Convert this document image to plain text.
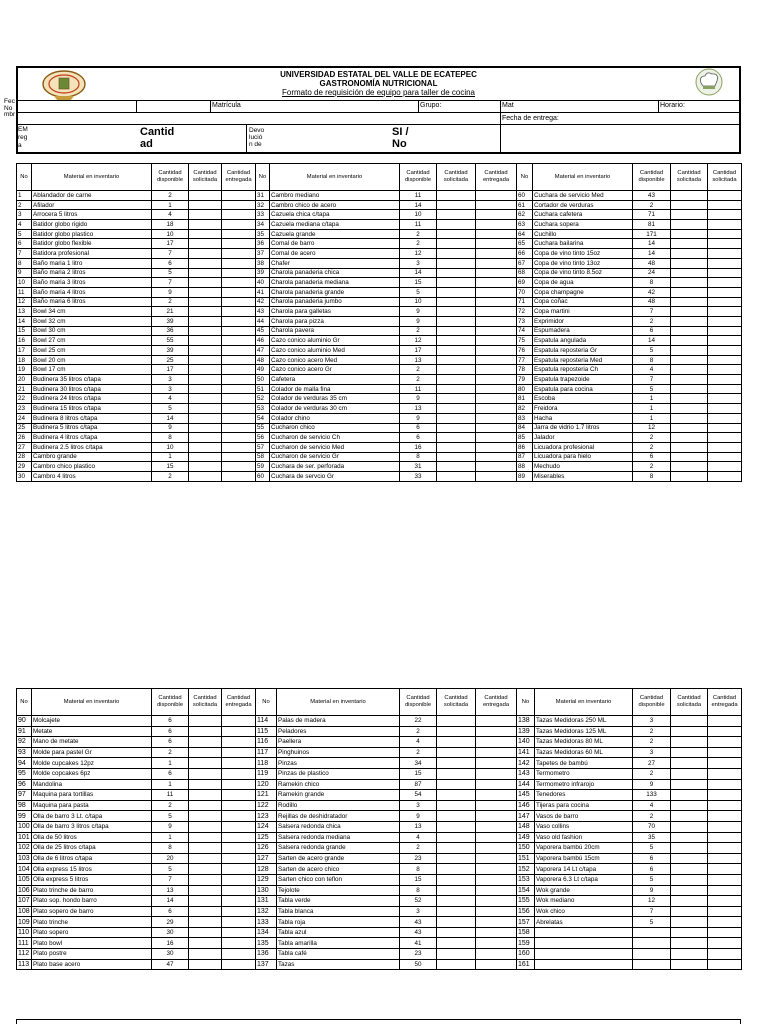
UNIVERSIDAD ESTATAL DEL VALLE DE ECATEPEC
GASTRONOMÍA NUTRICIONAL
Formato de requisición de equipo para taller de cocina
Fec
No mbr
Matrícula	Grupo:	Mat	Horario:
Fecha de entrega:
EM reg a
Cantid ad
Devo lució n de
SI / No
No	Material en inventario	Cantidad disponible	Cantidad solicitada	Cantidad entregada	No	Material en inventario	Cantidad disponible	Cantidad solicitada	Cantidad entregada	No	Material en inventario	Cantidad disponible	Cantidad solicitada	Cantidad solicitada
1	Ablandador de carne	2			31	Cambro mediano	11			60	Cuchara de servicio Med	43		
2	Afilador	1			32	Cambro chico de acero	14			61	Cortador de verduras	2		
3	Arrocera 5 litros	4			33	Cazuela chica c/tapa	10			62	Cuchara cafetera	71		
4	Batidor globo rigido	18			34	Cazuela mediana c/tapa	11			63	Cuchara sopera	81		
5	Batidor globo plastico	10			35	Cazuela grande	2			64	Cuchillo	171		
6	Batidor globo flexible	17			36	Comal de barro	2			65	Cuchara bailarina	14		
7	Batidora profesional	7			37	Comal de acero	12			66	Copa de vino tinto 15oz	14		
8	Baño maria 1 litro	6			38	Chafer	3			67	Copa de vino tinto 13oz	48		
9	Baño maria 2 litros	5			39	Charola panaderia chica	14			68	Copa de vino tinto 8.5oz	24		
10	Baño maria 3 litros	7			40	Charola panaderia mediana	15			69	Copa de agua	8		
11	Baño maria 4 litros	9			41	Charola panaderia grande	5			70	Copa champagne	42		
12	Baño maria 6 litros	2			42	Charola panaderia jumbo	10			71	Copa coñac	48		
13	Bowl 34 cm	21			43	Charola para galletas	9			72	Copa martini	7		
14	Bowl 32 cm	39			44	Charola para pizza	9			73	Exprimidor	2		
15	Bowl 30 cm	36			45	Charola pavera	2			74	Espumadera	6		
16	Bowl 27 cm	55			46	Cazo conico aluminio Gr	12			75	Espatula angulada	14		
17	Bowl 25 cm	39			47	Cazo conico aluminio Med	17			76	Espatula reposteria Gr	5		
18	Bowl 20 cm	25			48	Cazo conico acero Med	13			77	Espatula reposteria Med	8		
19	Bowl 17 cm	17			49	Cazo conico acero Gr	2			78	Espatula reposteria Ch	4		
20	Budinera 35 litros c/tapa	3			50	Cafetera	2			79	Espatula trapezoide	7		
21	Budinera 30 litros c/tapa	3			51	Colador de malla fina	11			80	Espatula para cocina	5		
22	Budinera 24 litros c/tapa	4			52	Colador de verduras 35 cm	9			81	Escoba	1		
23	Budinera 15 litros c/tapa	5			53	Colador de verduras 30 cm	13			82	Freidora	1		
24	Budinera 8 litros c/tapa	14			54	Colador chino	9			83	Hacha	1		
25	Budinera 5 litros c/tapa	9			55	Cucharon chico	6			84	Jarra de vidrio 1.7 litros	12		
26	Budinera 4 litros c/tapa	8			56	Cucharon de servicio Ch	6			85	Jalador	2		
27	Budinera 2.5 litros c/tapa	10			57	Cucharon de servicio Med	16			86	Licuadora profesional	2		
28	Cambro grande	1			58	Cucharon de servicio Gr	8			87	Licuadora para hielo	6		
29	Cambro chico plastico	15			59	Cuchara de ser. perforada	31			88	Mechudo	2		
30	Cambro 4 litros	2			60	Cuchara de servcio Gr	33			89	Miserables	8		
No	Material en inventario	Cantidad disponible	Cantidad solicitada	Cantidad entregada	No	Material en inventario	Cantidad disponible	Cantidad solicitada	Cantidad entregada	No	Material en inventario	Cantidad disponible	Cantidad solicitada	Cantidad entregada
90	Molcajete	6			114	Palas de madera	22			138	Tazas Medidoras 250 ML	3		
91	Metate	6			115	Peladores	2			139	Tazas Medidoras 125 ML	2		
92	Mano de metate	6			116	Paellera	4			140	Tazas Medidoras 80 ML	2		
93	Molde para pastel Gr	2			117	Pinghuinos	2			141	Tazas Medidoras 60 ML	3		
94	Molde cupcakes 12pz	1			118	Pinzas	34			142	Tapetes de bambú	27		
95	Molde copcakes 6pz	6			119	Pinzas de plastico	15			143	Termometro	2		
96	Mandolina	1			120	Ramekin chico	87			144	Termometro infrarojo	9		
97	Maquina para tortillas	11			121	Ramekin grande	54			145	Tenedores	133		
98	Maquina para pasta	2			122	Rodillo	3			146	Tijeras para cocina	4		
99	Olla de barro 3 Lt. c/tapa	5			123	Rejillas de deshidratador	9			147	Vasos de barro	2		
100	Olla de barro 3 litros c/tapa	9			124	Salsera redonda chica	13			148	Vaso collins	70		
101	Olla de 50 litros	1			125	Salsera redonda mediana	4			149	Vaso old fashion	35		
102	Olla de 25 litros c/tapa	8			126	Salsera redonda grande	2			150	Vaporera bambú 20cm	5		
103	Olla de 6 litros c/tapa	20			127	Sarten de acero grande	23			151	Vaporera bambú 15cm	6		
104	Olla express 15 litros	5			128	Sarten de acero chico	8			152	Vaporera 14 Lt c/tapa	6		
105	Olla express 5 litros	7			129	Sarten chico con teflon	15			153	Vaporera 6.3 Lt c/tapa	5		
106	Plato trinche de barro	13			130	Tejolote	8			154	Wok grande	9		
107	Plato sop. hondo barro	14			131	Tabla verde	52			155	Wok mediano	12		
108	Plato sopero de barro	6			132	Tabla blanca	3			156	Wok chico	7		
109	Plato trinche	29			133	Tabla roja	43			157	Abrelatas	5		
110	Plato sopero	30			134	Tabla azul	43			158				
111	Plato bowl	16			135	Tabla amarilla	41			159				
112	Plato postre	30			136	Tabla café	23			160				
113	Plato base acero	47			137	Tazas	50			161				
